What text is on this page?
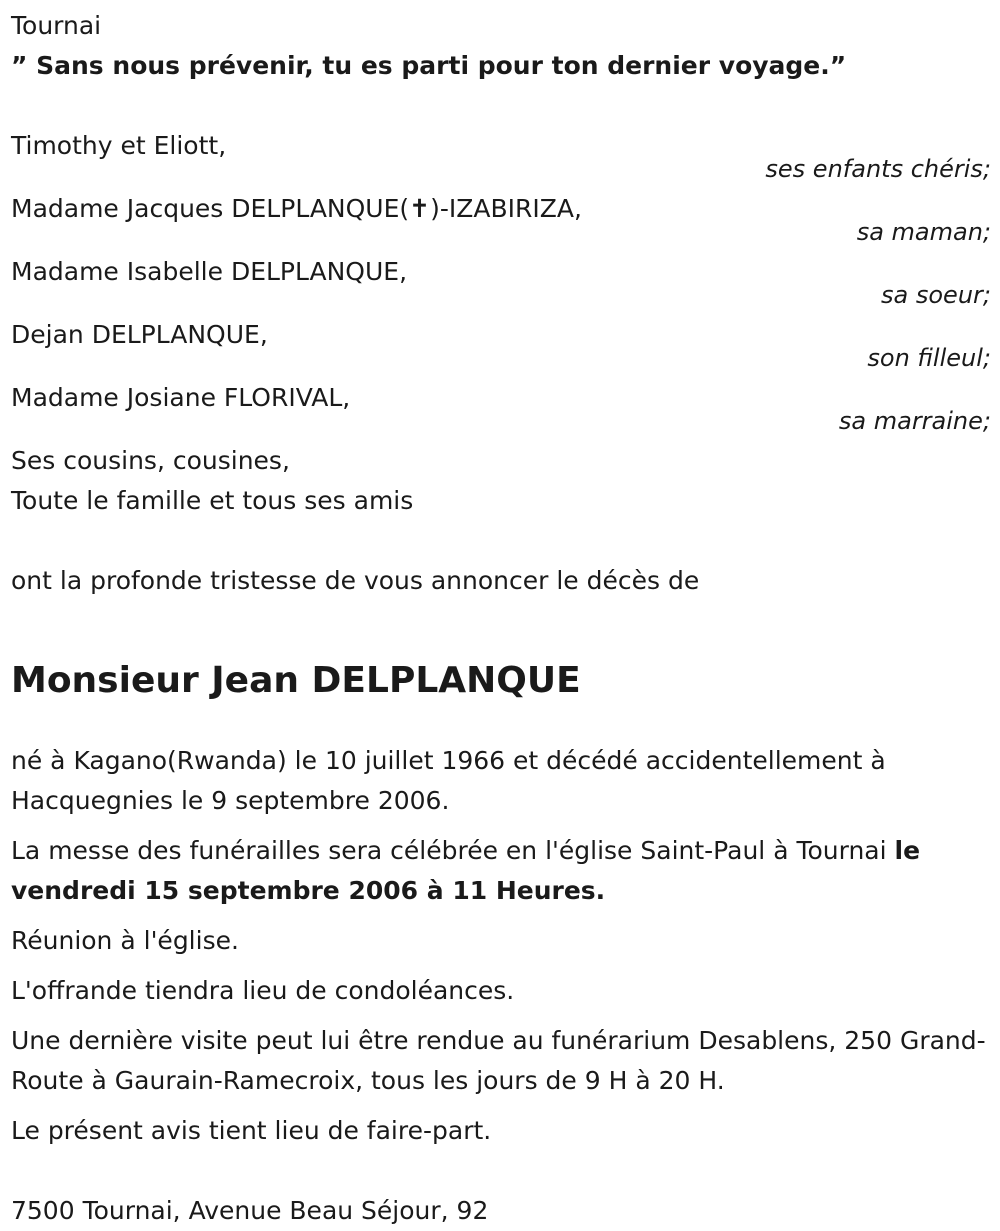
Tournai
” Sans nous prévenir, tu es parti pour ton dernier voyage.”
Timothy et Eliott,
ses enfants chéris;
Madame Jacques DELPLANQUE(✝)-IZABIRIZA,
sa maman;
Madame Isabelle DELPLANQUE,
sa soeur;
Dejan DELPLANQUE,
son filleul;
Madame Josiane FLORIVAL,
sa marraine;
Ses cousins, cousines,
Toute le famille et tous ses amis
ont la profonde tristesse de vous annoncer le décès de
Monsieur Jean DELPLANQUE

né à Kagano(Rwanda) le 10 juillet 1966 et décédé accidentellement à Hacquegnies le 9 septembre 2006.

La messe des funérailles sera célébrée en l'église Saint-Paul à Tournai le vendredi 15 septembre 2006 à 11 Heures.

Réunion à l'église.

L'offrande tiendra lieu de condoléances.

Une dernière visite peut lui être rendue au funérarium Desablens, 250 Grand-Route à Gaurain-Ramecroix, tous les jours de 9 H à 20 H.

Le présent avis tient lieu de faire-part.

7500 Tournai, Avenue Beau Séjour, 92
